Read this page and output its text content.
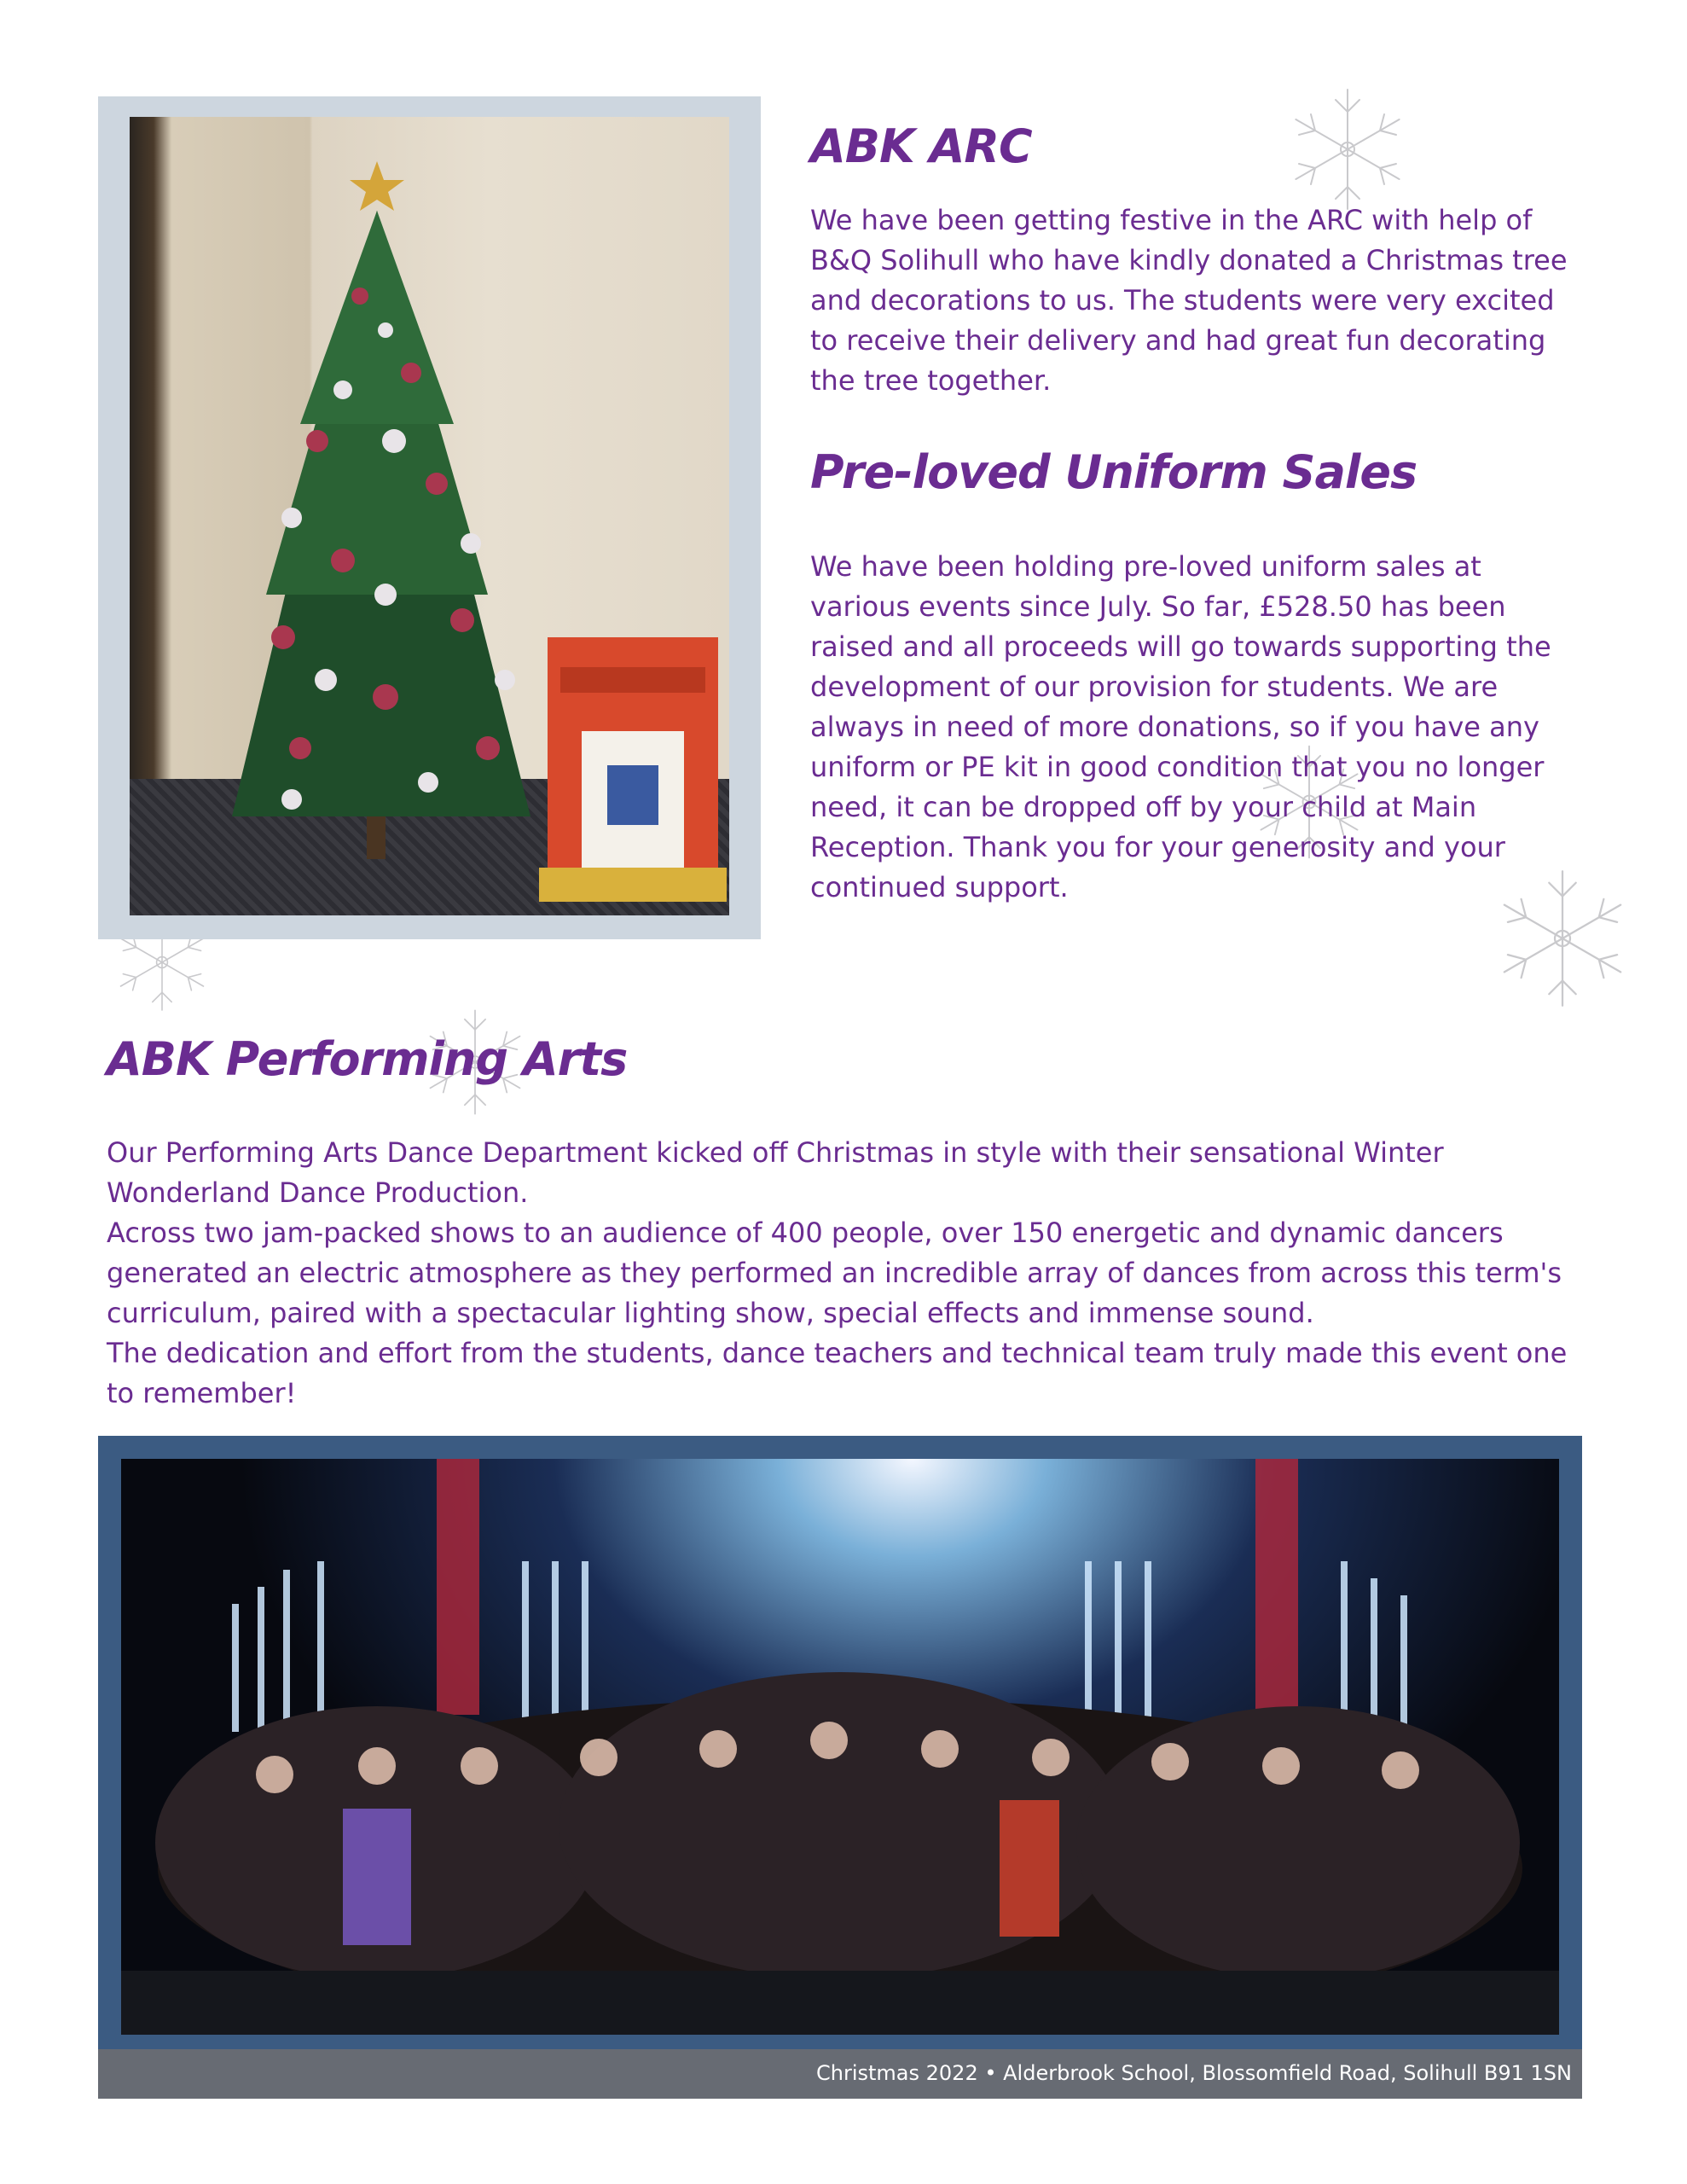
ABK ARC

We have been getting festive in the ARC with help of B&Q Solihull who have kindly donated a Christmas tree and decorations to us. The students were very excited to receive their delivery and had great fun decorating the tree together.

Pre-loved Uniform Sales

We have been holding pre-loved uniform sales at various events since July. So far, £528.50 has been raised and all proceeds will go towards supporting the development of our provision for students. We are always in need of more donations, so if you have any uniform or PE kit in good condition that you no longer need, it can be dropped off by your child at Main Reception. Thank you for your generosity and your continued support.

ABK Performing Arts

Our Performing Arts Dance Department kicked off Christmas in style with their sensational Winter Wonderland Dance Production.

Across two jam-packed shows to an audience of 400 people, over 150 energetic and dynamic dancers generated an electric atmosphere as they performed an incredible array of dances from across this term's curriculum, paired with a spectacular lighting show, special effects and immense sound.

The dedication and effort from the students, dance teachers and technical team truly made this event one to remember!

Christmas 2022 • Alderbrook School, Blossomfield Road, Solihull B91 1SN
